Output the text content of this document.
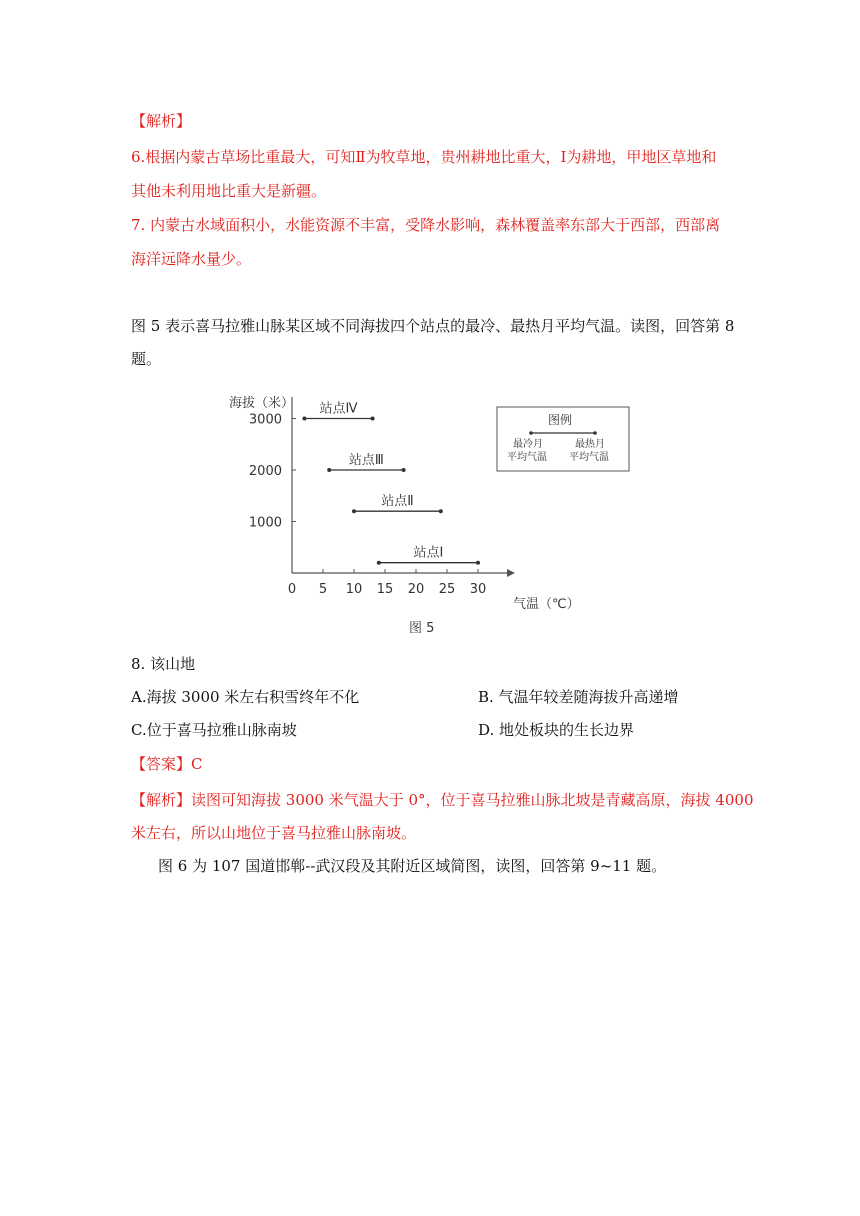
【解析】
6.根据内蒙古草场比重最大，可知Ⅱ为牧草地，贵州耕地比重大，Ⅰ为耕地，甲地区草地和
其他未利用地比重大是新疆。
7. 内蒙古水域面积小，水能资源不丰富，受降水影响，森林覆盖率东部大于西部，西部离
海洋远降水量少。
图 5 表示喜马拉雅山脉某区域不同海拔四个站点的最冷、最热月平均气温。读图，回答第 8
题。
海拔（米）
气温（℃）
图 5
图例
最冷月
平均气温
最热月
平均气温
0 5 10 15 20 25 30
1000
2000
3000
站点Ⅳ
站点Ⅲ
站点Ⅱ
站点Ⅰ
8. 该山地
A.海拔 3000 米左右积雪终年不化	B. 气温年较差随海拔升高递增
C.位于喜马拉雅山脉南坡	D. 地处板块的生长边界
【答案】C
【解析】读图可知海拔 3000 米气温大于 0°，位于喜马拉雅山脉北坡是青藏高原，海拔 4000
米左右，所以山地位于喜马拉雅山脉南坡。
图 6 为 107 国道邯郸--武汉段及其附近区域简图，读图，回答第 9~11 题。
